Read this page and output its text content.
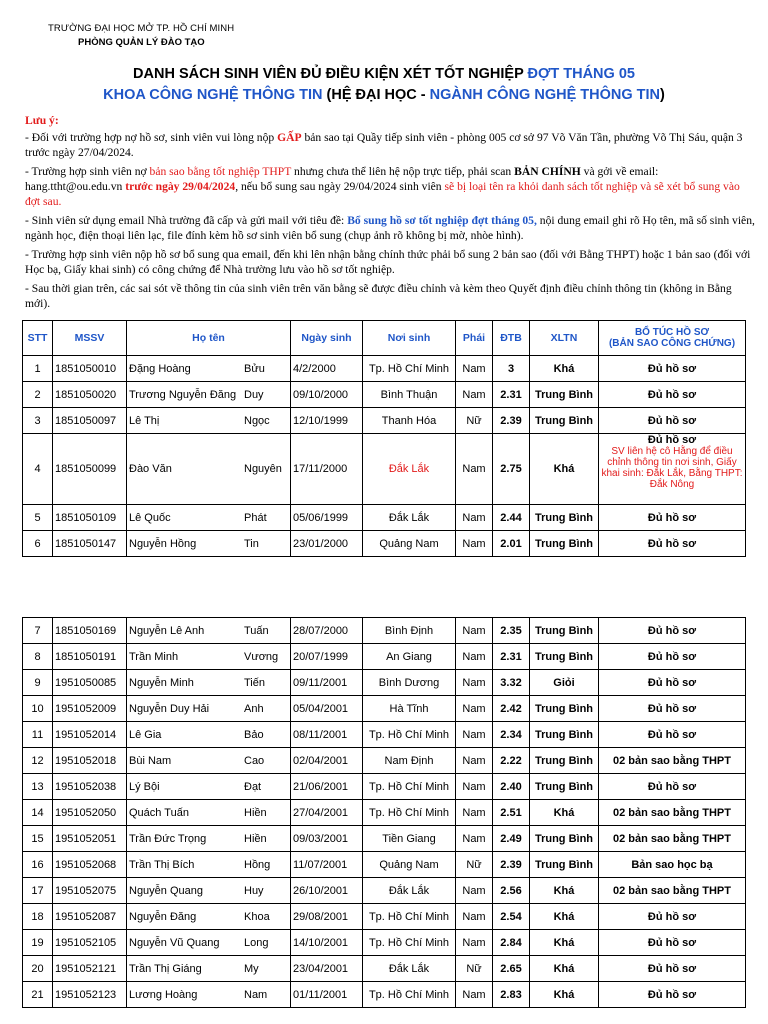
TRƯỜNG ĐẠI HỌC MỞ TP. HỒ CHÍ MINH
PHÒNG QUẢN LÝ ĐÀO TẠO
DANH SÁCH SINH VIÊN ĐỦ ĐIỀU KIỆN XÉT TỐT NGHIỆP ĐỢT THÁNG 05
KHOA CÔNG NGHỆ THÔNG TIN (HỆ ĐẠI HỌC - NGÀNH CÔNG NGHỆ THÔNG TIN)

Lưu ý:

- Đối với trường hợp nợ hồ sơ, sinh viên vui lòng nộp GẤP bản sao tại Quầy tiếp sinh viên - phòng 005 cơ sở 97 Võ Văn Tần, phường Võ Thị Sáu, quận 3 trước ngày 27/04/2024.

- Trường hợp sinh viên nợ bản sao bằng tốt nghiệp THPT nhưng chưa thể liên hệ nộp trực tiếp, phải scan BẢN CHÍNH và gởi về email: hang.ttht@ou.edu.vn trước ngày 29/04/2024, nếu bổ sung sau ngày 29/04/2024 sinh viên sẽ bị loại tên ra khỏi danh sách tốt nghiệp và sẽ xét bổ sung vào đợt sau.

- Sinh viên sử dụng email Nhà trường đã cấp và gửi mail với tiêu đề: Bổ sung hồ sơ tốt nghiệp đợt tháng 05, nội dung email ghi rõ Họ tên, mã số sinh viên, ngành học, điện thoại liên lạc, file đính kèm hồ sơ sinh viên bổ sung (chụp ảnh rõ không bị mờ, nhòe hình).

- Trường hợp sinh viên nộp hồ sơ bổ sung qua email, đến khi lên nhận bằng chính thức phải bổ sung 2 bản sao (đối với Bằng THPT) hoặc 1 bản sao (đối với Học bạ, Giấy khai sinh) có công chứng để Nhà trường lưu vào hồ sơ tốt nghiệp.

- Sau thời gian trên, các sai sót về thông tin của sinh viên trên văn bằng sẽ được điều chỉnh và kèm theo Quyết định điều chỉnh thông tin (không in Bằng mới).

STT	MSSV	Họ tên	Ngày sinh	Nơi sinh	Phái	ĐTB	XLTN	BỔ TÚC HỒ SƠ
(BẢN SAO CÔNG CHỨNG)
1	1851050010	Đặng Hoàng Bửu	4/2/2000	Tp. Hồ Chí Minh	Nam	3	Khá	Đủ hồ sơ
2	1851050020	Trương Nguyễn Đăng Duy	09/10/2000	Bình Thuận	Nam	2.31	Trung Bình	Đủ hồ sơ
3	1851050097	Lê Thị Ngọc	12/10/1999	Thanh Hóa	Nữ	2.39	Trung Bình	Đủ hồ sơ
4	1851050099	Đào Văn Nguyên	17/11/2000	Đắk Lắk	Nam	2.75	Khá	Đủ hồ sơ
SV liên hệ cô Hằng để điều chỉnh thông tin nơi sinh, Giấy khai sinh: Đắk Lắk, Bằng THPT: Đắk Nông

5	1851050109	Lê Quốc Phát	05/06/1999	Đắk Lắk	Nam	2.44	Trung Bình	Đủ hồ sơ
6	1851050147	Nguyễn Hồng Tin	23/01/2000	Quảng Nam	Nam	2.01	Trung Bình	Đủ hồ sơ
7	1851050169	Nguyễn Lê Anh Tuấn	28/07/2000	Bình Định	Nam	2.35	Trung Bình	Đủ hồ sơ
8	1851050191	Trần Minh Vương	20/07/1999	An Giang	Nam	2.31	Trung Bình	Đủ hồ sơ
9	1951050085	Nguyễn Minh Tiến	09/11/2001	Bình Dương	Nam	3.32	Giỏi	Đủ hồ sơ
10	1951052009	Nguyễn Duy Hải Anh	05/04/2001	Hà Tĩnh	Nam	2.42	Trung Bình	Đủ hồ sơ
11	1951052014	Lê Gia Bảo	08/11/2001	Tp. Hồ Chí Minh	Nam	2.34	Trung Bình	Đủ hồ sơ
12	1951052018	Bùi Nam Cao	02/04/2001	Nam Định	Nam	2.22	Trung Bình	02 bản sao bằng THPT
13	1951052038	Lý Bội Đạt	21/06/2001	Tp. Hồ Chí Minh	Nam	2.40	Trung Bình	Đủ hồ sơ
14	1951052050	Quách Tuấn Hiền	27/04/2001	Tp. Hồ Chí Minh	Nam	2.51	Khá	02 bản sao bằng THPT
15	1951052051	Trần Đức Trọng Hiền	09/03/2001	Tiền Giang	Nam	2.49	Trung Bình	02 bản sao bằng THPT
16	1951052068	Trần Thị Bích Hồng	11/07/2001	Quảng Nam	Nữ	2.39	Trung Bình	Bản sao học bạ
17	1951052075	Nguyễn Quang Huy	26/10/2001	Đắk Lắk	Nam	2.56	Khá	02 bản sao bằng THPT
18	1951052087	Nguyễn Đăng Khoa	29/08/2001	Tp. Hồ Chí Minh	Nam	2.54	Khá	Đủ hồ sơ
19	1951052105	Nguyễn Vũ Quang Long	14/10/2001	Tp. Hồ Chí Minh	Nam	2.84	Khá	Đủ hồ sơ
20	1951052121	Trần Thị Giáng My	23/04/2001	Đắk Lắk	Nữ	2.65	Khá	Đủ hồ sơ
21	1951052123	Lương Hoàng Nam	01/11/2001	Tp. Hồ Chí Minh	Nam	2.83	Khá	Đủ hồ sơ
